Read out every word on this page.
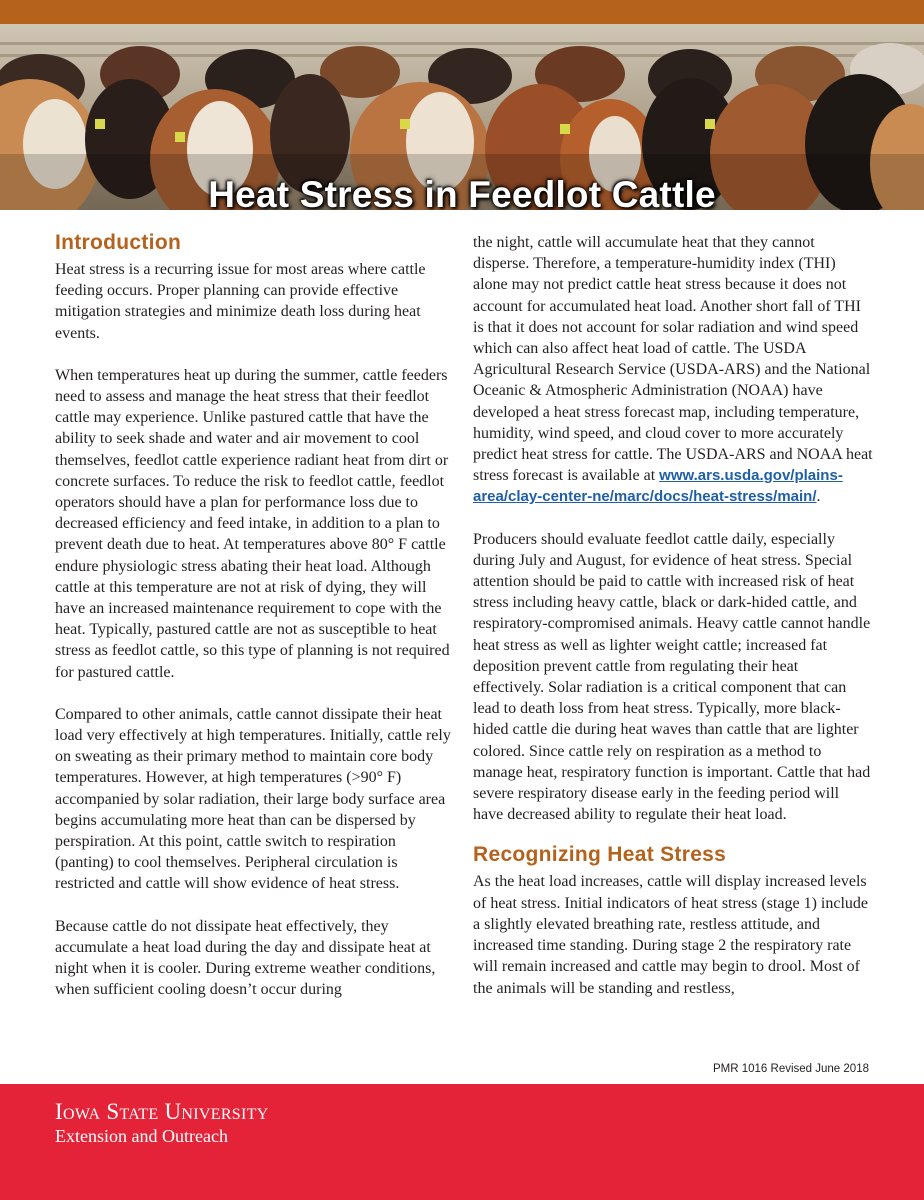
Heat Stress in Feedlot Cattle
Introduction

Heat stress is a recurring issue for most areas where cattle feeding occurs. Proper planning can provide effective mitigation strategies and minimize death loss during heat events.

When temperatures heat up during the summer, cattle feeders need to assess and manage the heat stress that their feedlot cattle may experience. Unlike pastured cattle that have the ability to seek shade and water and air movement to cool themselves, feedlot cattle experience radiant heat from dirt or concrete surfaces. To reduce the risk to feedlot cattle, feedlot operators should have a plan for performance loss due to decreased efficiency and feed intake, in addition to a plan to prevent death due to heat. At temperatures above 80° F cattle endure physiologic stress abating their heat load. Although cattle at this temperature are not at risk of dying, they will have an increased maintenance requirement to cope with the heat. Typically, pastured cattle are not as susceptible to heat stress as feedlot cattle, so this type of planning is not required for pastured cattle.

Compared to other animals, cattle cannot dissipate their heat load very effectively at high temperatures. Initially, cattle rely on sweating as their primary method to maintain core body temperatures. However, at high temperatures (>90° F) accompanied by solar radiation, their large body surface area begins accumulating more heat than can be dispersed by perspiration. At this point, cattle switch to respiration (panting) to cool themselves. Peripheral circulation is restricted and cattle will show evidence of heat stress.

Because cattle do not dissipate heat effectively, they accumulate a heat load during the day and dissipate heat at night when it is cooler. During extreme weather conditions, when sufficient cooling doesn’t occur during

the night, cattle will accumulate heat that they cannot disperse. Therefore, a temperature-humidity index (THI) alone may not predict cattle heat stress because it does not account for accumulated heat load. Another short fall of THI is that it does not account for solar radiation and wind speed which can also affect heat load of cattle. The USDA Agricultural Research Service (USDA-ARS) and the National Oceanic & Atmospheric Administration (NOAA) have developed a heat stress forecast map, including temperature, humidity, wind speed, and cloud cover to more accurately predict heat stress for cattle. The USDA-ARS and NOAA heat stress forecast is available at www.ars.usda.gov/plains-area/clay-center-ne/marc/docs/heat-stress/main/.

Producers should evaluate feedlot cattle daily, especially during July and August, for evidence of heat stress. Special attention should be paid to cattle with increased risk of heat stress including heavy cattle, black or dark-hided cattle, and respiratory-compromised animals. Heavy cattle cannot handle heat stress as well as lighter weight cattle; increased fat deposition prevent cattle from regulating their heat effectively. Solar radiation is a critical component that can lead to death loss from heat stress. Typically, more black-hided cattle die during heat waves than cattle that are lighter colored. Since cattle rely on respiration as a method to manage heat, respiratory function is important. Cattle that had severe respiratory disease early in the feeding period will have decreased ability to regulate their heat load.

Recognizing Heat Stress

As the heat load increases, cattle will display increased levels of heat stress. Initial indicators of heat stress (stage 1) include a slightly elevated breathing rate, restless attitude, and increased time standing. During stage 2 the respiratory rate will remain increased and cattle may begin to drool. Most of the animals will be standing and restless,

PMR 1016 Revised June 2018
Iowa State University
Extension and Outreach
